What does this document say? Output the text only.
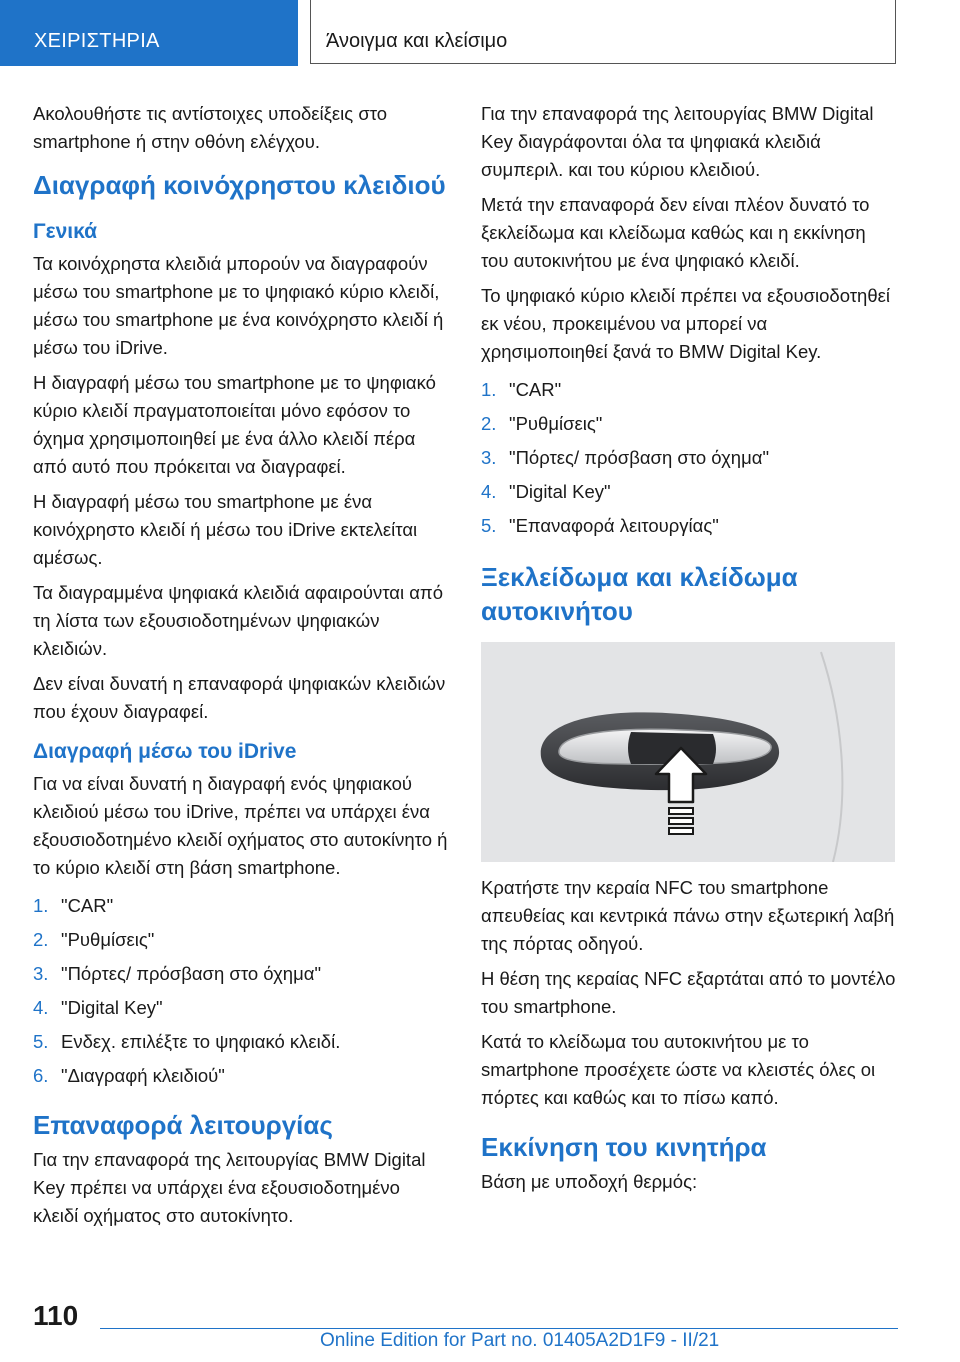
ΧΕΙΡΙΣΤΗΡΙΑ	Άνοιγμα και κλείσιμο

Ακολουθήστε τις αντίστοιχες υποδείξεις στο smartphone ή στην οθόνη ελέγχου.

Διαγραφή κοινόχρηστου κλειδιού
Γενικά

Τα κοινόχρηστα κλειδιά μπορούν να διαγραφούν μέσω του smartphone με το ψηφιακό κύριο κλειδί, μέσω του smartphone με ένα κοινόχρηστο κλειδί ή μέσω του iDrive.

Η διαγραφή μέσω του smartphone με το ψηφιακό κύριο κλειδί πραγματοποιείται μόνο εφόσον το όχημα χρησιμοποιηθεί με ένα άλλο κλειδί πέρα από αυτό που πρόκειται να διαγραφεί.

Η διαγραφή μέσω του smartphone με ένα κοινόχρηστο κλειδί ή μέσω του iDrive εκτελείται αμέσως.

Τα διαγραμμένα ψηφιακά κλειδιά αφαιρούνται από τη λίστα των εξουσιοδοτημένων ψηφιακών κλειδιών.

Δεν είναι δυνατή η επαναφορά ψηφιακών κλειδιών που έχουν διαγραφεί.

Διαγραφή μέσω του iDrive

Για να είναι δυνατή η διαγραφή ενός ψηφιακού κλειδιού μέσω του iDrive, πρέπει να υπάρχει ένα εξουσιοδοτημένο κλειδί οχήματος στο αυτοκίνητο ή το κύριο κλειδί στη βάση smartphone.

1. "CAR"
2. "Ρυθμίσεις"
3. "Πόρτες/ πρόσβαση στο όχημα"
4. "Digital Key"
5. Ενδεχ. επιλέξτε το ψηφιακό κλειδί.
6. "Διαγραφή κλειδιού"
Επαναφορά λειτουργίας

Για την επαναφορά της λειτουργίας BMW Digital Key πρέπει να υπάρχει ένα εξουσιοδοτημένο κλειδί οχήματος στο αυτοκίνητο.

Για την επαναφορά της λειτουργίας BMW Digital Key διαγράφονται όλα τα ψηφιακά κλειδιά συμπεριλ. και του κύριου κλειδιού.

Μετά την επαναφορά δεν είναι πλέον δυνατό το ξεκλείδωμα και κλείδωμα καθώς και η εκκίνηση του αυτοκινήτου με ένα ψηφιακό κλειδί.

Το ψηφιακό κύριο κλειδί πρέπει να εξουσιοδοτηθεί εκ νέου, προκειμένου να μπορεί να χρησιμοποιηθεί ξανά το BMW Digital Key.

1. "CAR"
2. "Ρυθμίσεις"
3. "Πόρτες/ πρόσβαση στο όχημα"
4. "Digital Key"
5. "Επαναφορά λειτουργίας"
Ξεκλείδωμα και κλείδωμα αυτοκινήτου

Κρατήστε την κεραία NFC του smartphone απευθείας και κεντρικά πάνω στην εξωτερική λαβή της πόρτας οδηγού.

Η θέση της κεραίας NFC εξαρτάται από το μοντέλο του smartphone.

Κατά το κλείδωμα του αυτοκινήτου με το smartphone προσέχετε ώστε να κλειστές όλες οι πόρτες και καθώς και το πίσω καπό.

Εκκίνηση του κινητήρα

Βάση με υποδοχή θερμός:

110
Online Edition for Part no. 01405A2D1F9 - II/21
